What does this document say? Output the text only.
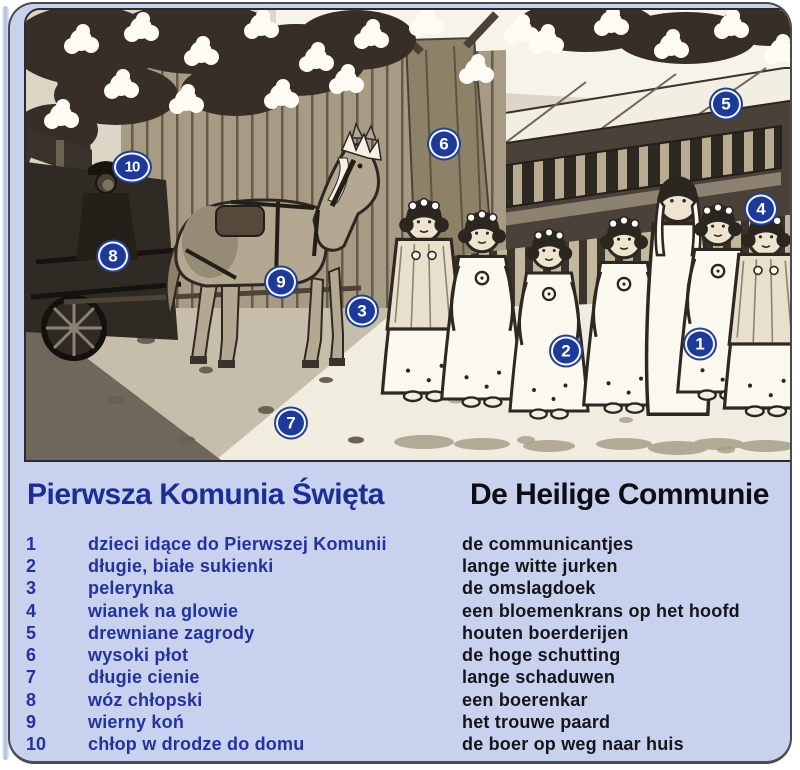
1
2
3
4
5
6
7
8
9
10
Pierwsza Komunia Święta	De Heilige Communie
1	dzieci idące do Pierwszej Komunii	de communicantjes
2	długie, białe sukienki	lange witte jurken
3	pelerynka	de omslagdoek
4	wianek na glowie	een bloemenkrans op het hoofd
5	drewniane zagrody	houten boerderijen
6	wysoki płot	de hoge schutting
7	długie cienie	lange schaduwen
8	wóz chłopski	een boerenkar
9	wierny koń	het trouwe paard
10	chłop w drodze do domu	de boer op weg naar huis
